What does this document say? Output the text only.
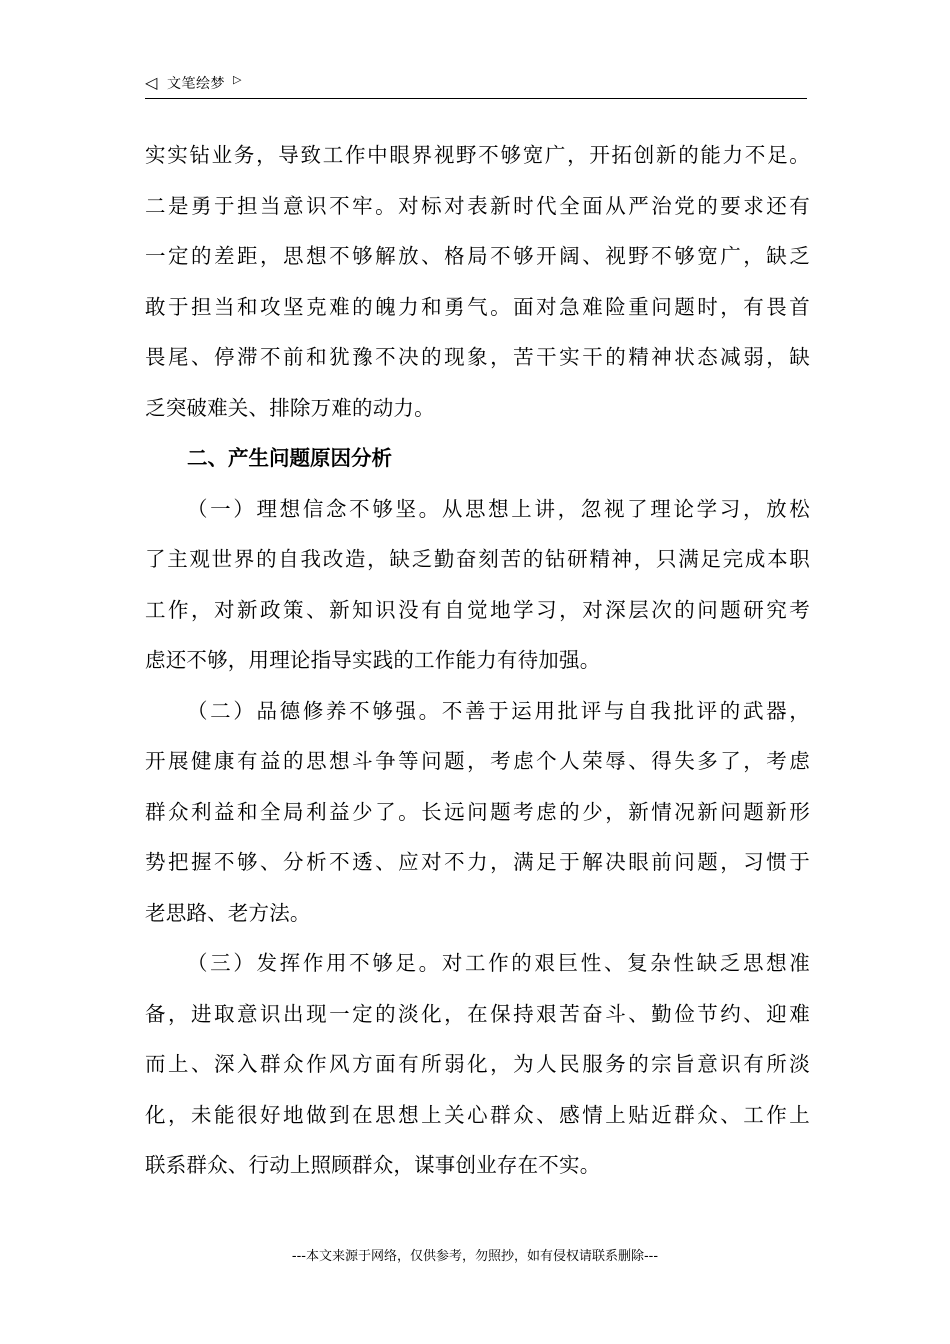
◁ 文笔绘梦 ▷
实实钻业务，导致工作中眼界视野不够宽广，开拓创新的能力不足。
二是勇于担当意识不牢。对标对表新时代全面从严治党的要求还有
一定的差距，思想不够解放、格局不够开阔、视野不够宽广，缺乏
敢于担当和攻坚克难的魄力和勇气。面对急难险重问题时，有畏首
畏尾、停滞不前和犹豫不决的现象，苦干实干的精神状态减弱，缺
乏突破难关、排除万难的动力。
二、产生问题原因分析
（一）理想信念不够坚。从思想上讲，忽视了理论学习，放松
了主观世界的自我改造，缺乏勤奋刻苦的钻研精神，只满足完成本职
工作，对新政策、新知识没有自觉地学习，对深层次的问题研究考
虑还不够，用理论指导实践的工作能力有待加强。
（二）品德修养不够强。不善于运用批评与自我批评的武器，
开展健康有益的思想斗争等问题，考虑个人荣辱、得失多了，考虑
群众利益和全局利益少了。长远问题考虑的少，新情况新问题新形
势把握不够、分析不透、应对不力，满足于解决眼前问题，习惯于
老思路、老方法。
（三）发挥作用不够足。对工作的艰巨性、复杂性缺乏思想准
备，进取意识出现一定的淡化，在保持艰苦奋斗、勤俭节约、迎难
而上、深入群众作风方面有所弱化，为人民服务的宗旨意识有所淡
化，未能很好地做到在思想上关心群众、感情上贴近群众、工作上
联系群众、行动上照顾群众，谋事创业存在不实。
---本文来源于网络，仅供参考，勿照抄，如有侵权请联系删除---
